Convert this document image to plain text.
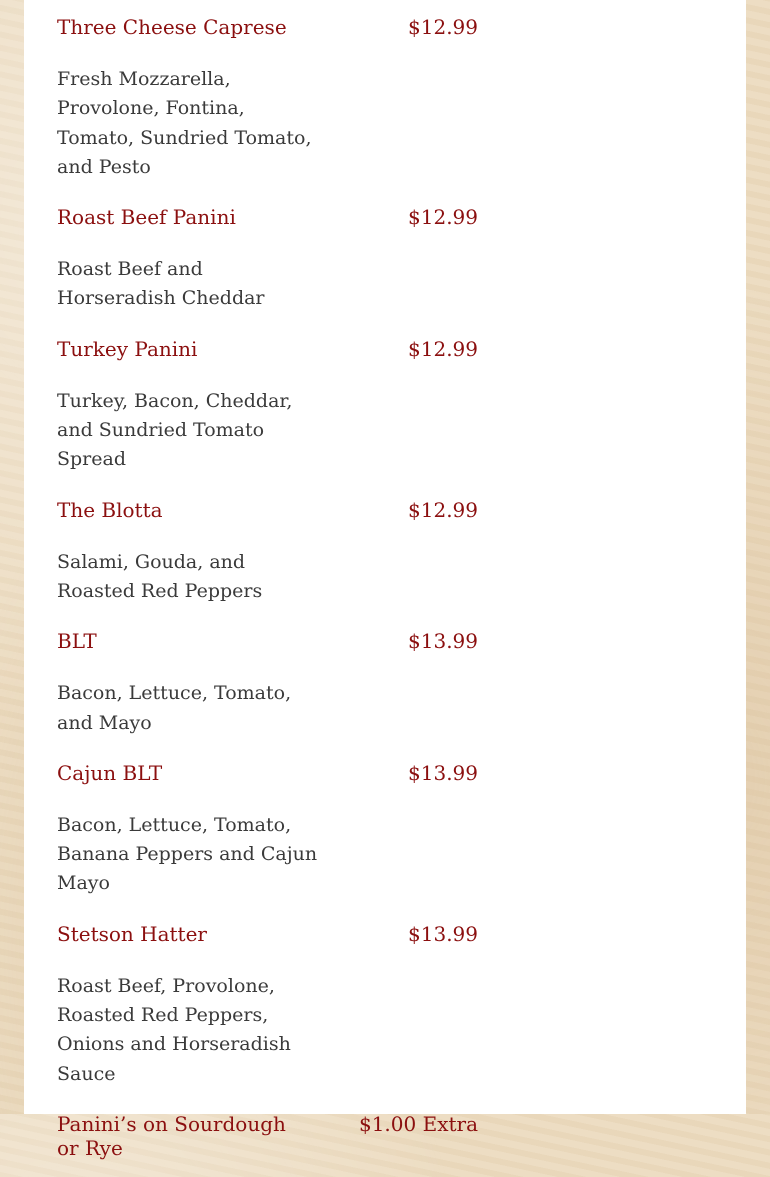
Three Cheese Caprese	$12.99

Fresh Mozzarella, Provolone, Fontina, Tomato, Sundried Tomato, and Pesto

Roast Beef Panini	$12.99

Roast Beef and Horseradish Cheddar

Turkey Panini	$12.99

Turkey, Bacon, Cheddar, and Sundried Tomato Spread

The Blotta	$12.99

Salami, Gouda, and Roasted Red Peppers

BLT	$13.99

Bacon, Lettuce, Tomato, and Mayo

Cajun BLT	$13.99

Bacon, Lettuce, Tomato, Banana Peppers and Cajun Mayo

Stetson Hatter	$13.99

Roast Beef, Provolone, Roasted Red Peppers, Onions and Horseradish Sauce

Panini’s on Sourdough or Rye
$1.00 Extra
